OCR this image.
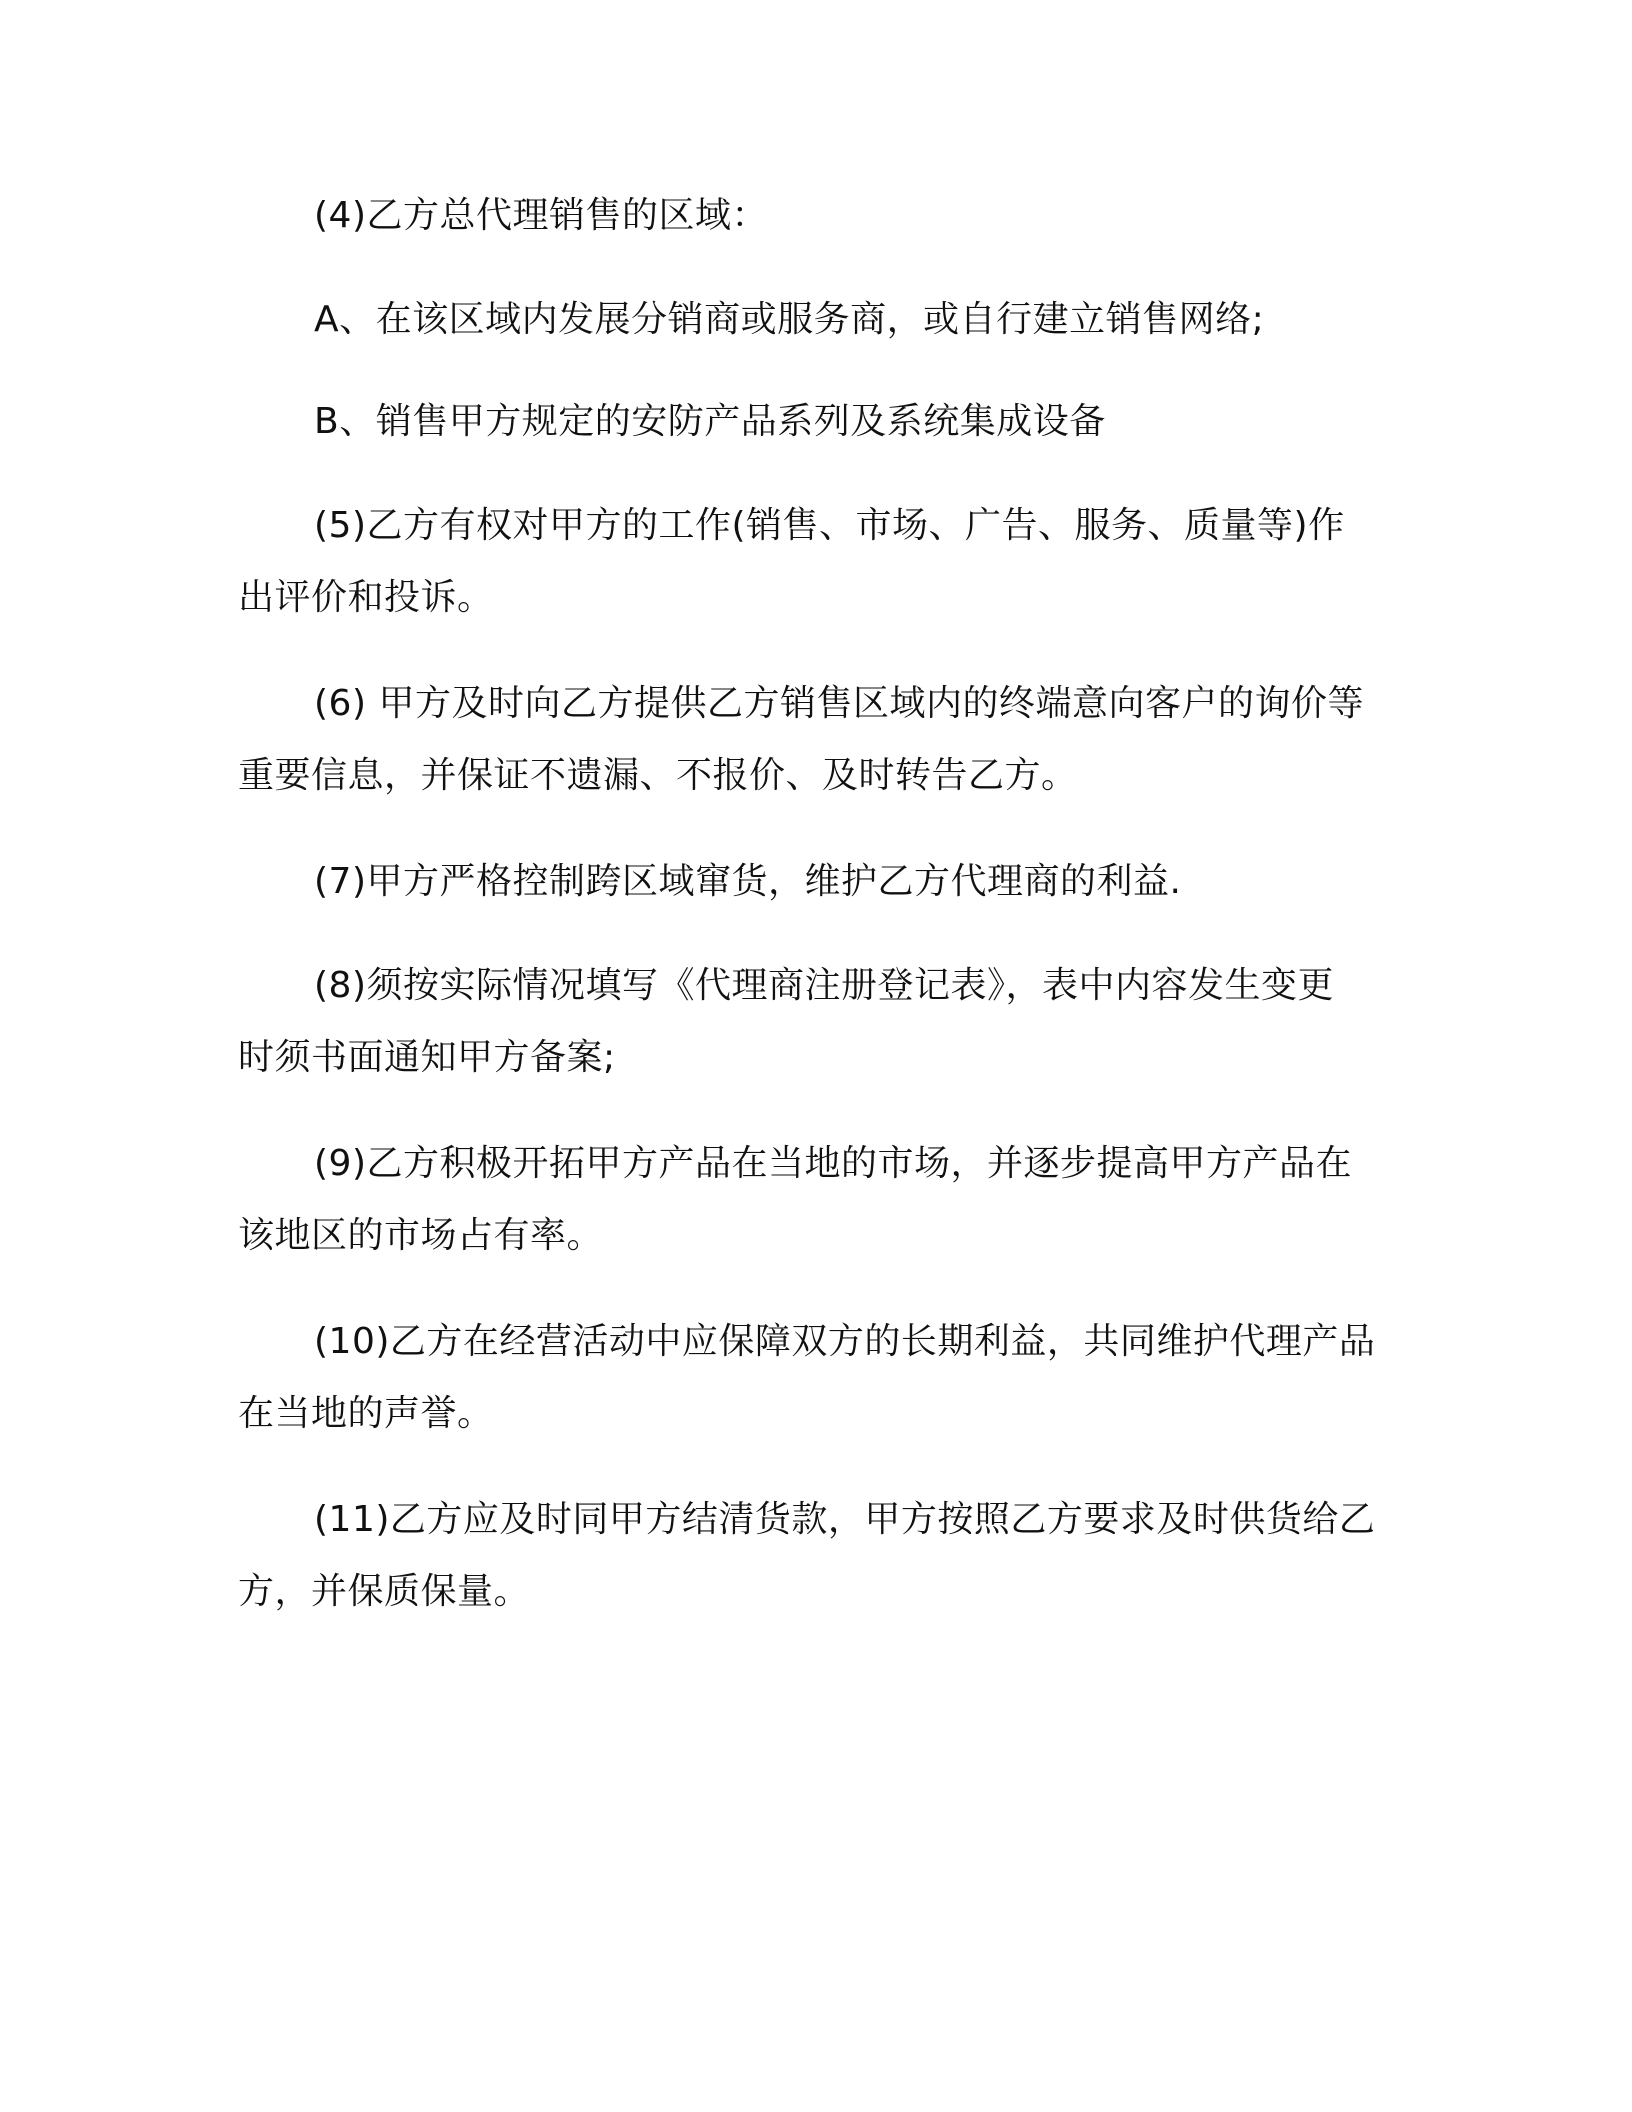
(4)乙方总代理销售的区域：

A、在该区域内发展分销商或服务商，或自行建立销售网络;

B、销售甲方规定的安防产品系列及系统集成设备

(5)乙方有权对甲方的工作(销售、市场、广告、服务、质量等)作
出评价和投诉。

(6) 甲方及时向乙方提供乙方销售区域内的终端意向客户的询价等
重要信息，并保证不遗漏、不报价、及时转告乙方。

(7)甲方严格控制跨区域窜货，维护乙方代理商的利益.

(8)须按实际情况填写《代理商注册登记表》，表中内容发生变更
时须书面通知甲方备案;

(9)乙方积极开拓甲方产品在当地的市场，并逐步提高甲方产品在
该地区的市场占有率。

(10)乙方在经营活动中应保障双方的长期利益，共同维护代理产品
在当地的声誉。

(11)乙方应及时同甲方结清货款，甲方按照乙方要求及时供货给乙
方，并保质保量。
